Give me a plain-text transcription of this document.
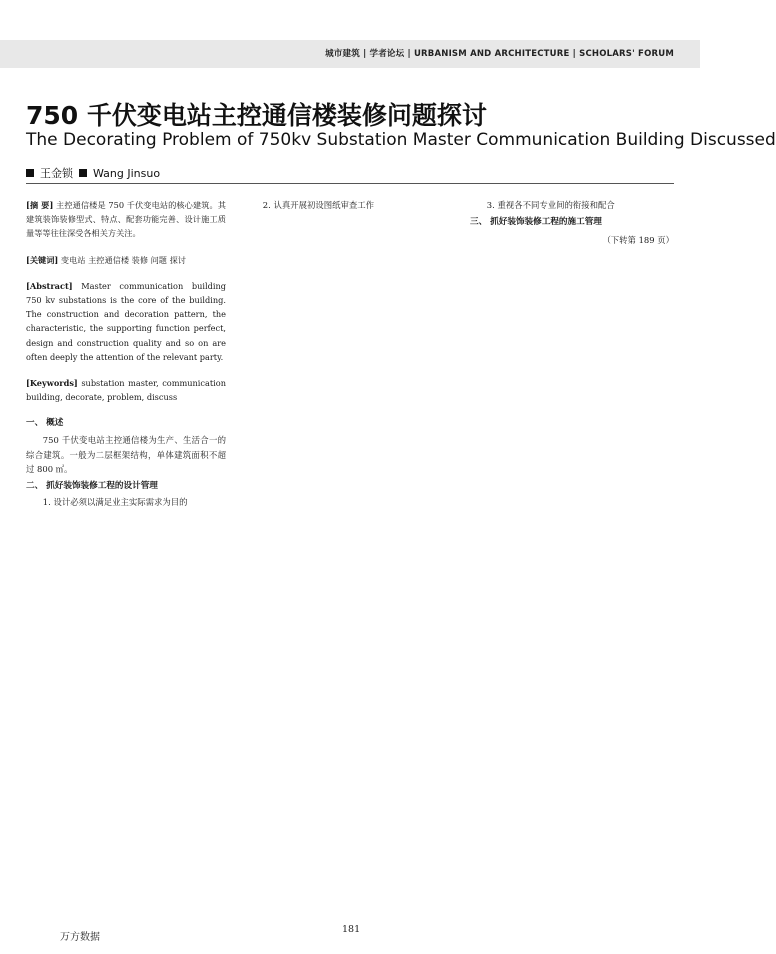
城市建筑 | 学者论坛 | URBANISM AND ARCHITECTURE | SCHOLARS' FORUM
750 千伏变电站主控通信楼装修问题探讨
The Decorating Problem of 750kv Substation Master Communication Building Discussed
王金锁 Wang Jinsuo
[摘 要] 主控通信楼是 750 千伏变电站的核心建筑。其建筑装饰装修型式、特点、配套功能完善、设计施工质量等等往往深受各相关方关注。
[关键词] 变电站 主控通信楼 装修 问题 探讨
[Abstract] Master communication building 750 kv substations is the core of the building. The construction and decoration pattern, the characteristic, the supporting function perfect, design and construction quality and so on are often deeply the attention of the relevant party.
[Keywords] substation master, communication building, decorate, problem, discuss

一、 概述

750 千伏变电站主控通信楼为生产、生活合一的综合建筑。一般为二层框架结构，单体建筑面积不超过 800 ㎡。

二、 抓好装饰装修工程的设计管理

1. 设计必须以满足业主实际需求为目的

2. 认真开展初设图纸审查工作	3. 重视各不同专业间的衔接和配合

三、 抓好装饰装修工程的施工管理

（下转第 189 页）

万方数据
181
